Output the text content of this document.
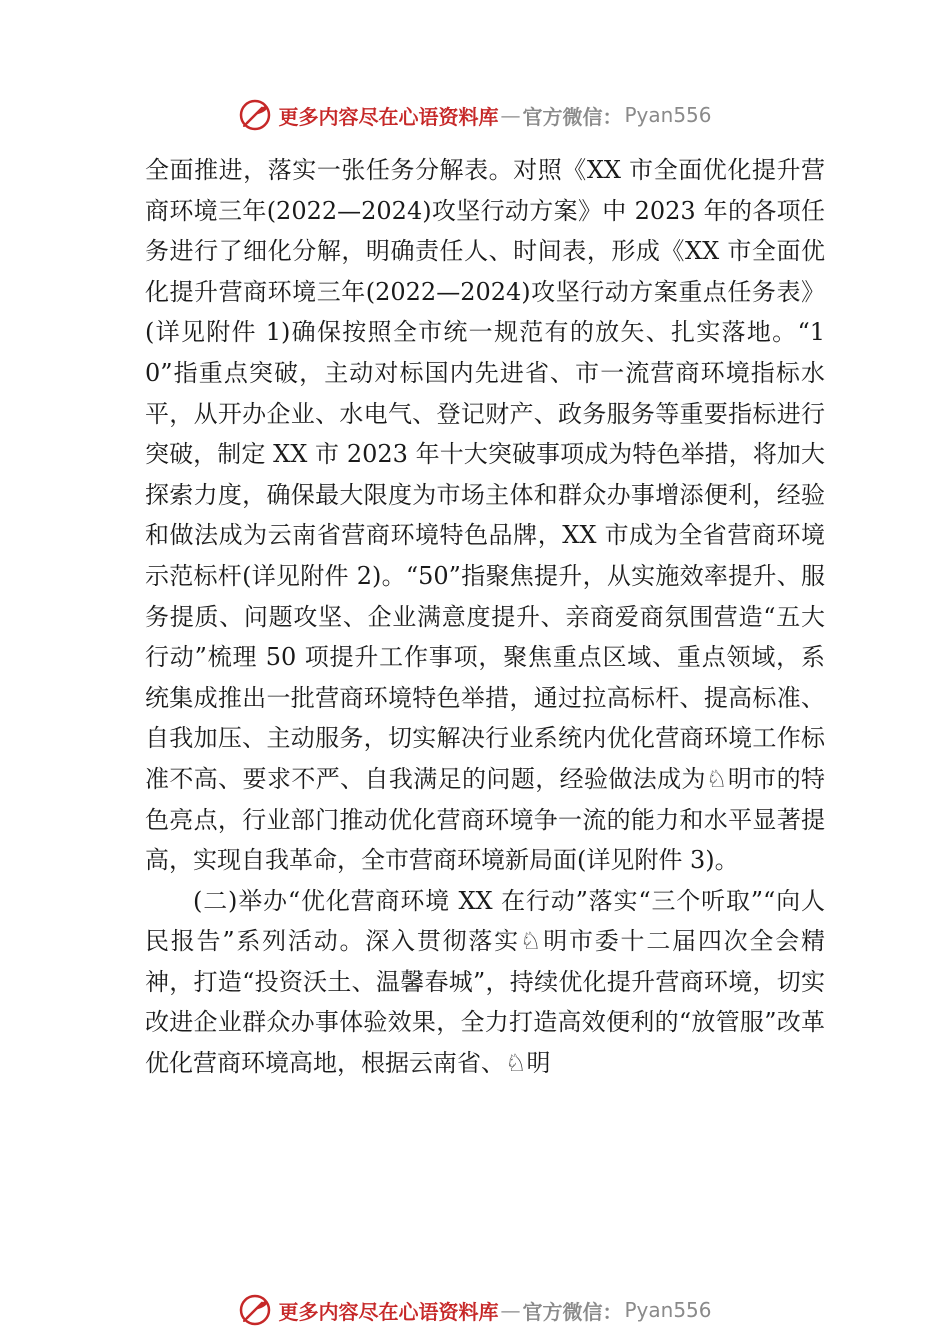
更多内容尽在心语资料库 — 官方微信： Pyan556

全面推进，落实一张任务分解表。对照《XX 市全面优化提升营商环境三年(2022—2024)攻坚行动方案》中 2023 年的各项任务进行了细化分解，明确责任人、时间表，形成《XX 市全面优化提升营商环境三年(2022—2024)攻坚行动方案重点任务表》(详见附件 1)确保按照全市统一规范有的放矢、扎实落地。“10”指重点突破，主动对标国内先进省、市一流营商环境指标水平，从开办企业、水电气、登记财产、政务服务等重要指标进行突破，制定 XX 市 2023 年十大突破事项成为特色举措，将加大探索力度，确保最大限度为市场主体和群众办事增添便利，经验和做法成为云南省营商环境特色品牌，XX 市成为全省营商环境示范标杆(详见附件 2)。“50”指聚焦提升，从实施效率提升、服务提质、问题攻坚、企业满意度提升、亲商爱商氛围营造“五大行动”梳理 50 项提升工作事项，聚焦重点区域、重点领域，系统集成推出一批营商环境特色举措，通过拉高标杆、提高标准、自我加压、主动服务，切实解决行业系统内优化营商环境工作标准不高、要求不严、自我满足的问题，经验做法成为♘明市的特色亮点，行业部门推动优化营商环境争一流的能力和水平显著提高，实现自我革命，全市营商环境新局面(详见附件 3)。

(二)举办“优化营商环境 XX 在行动”落实“三个听取”“向人民报告”系列活动。深入贯彻落实♘明市委十二届四次全会精神，打造“投资沃土、温馨春城”，持续优化提升营商环境，切实改进企业群众办事体验效果，全力打造高效便利的“放管服”改革优化营商环境高地，根据云南省、♘明

更多内容尽在心语资料库 — 官方微信： Pyan556
